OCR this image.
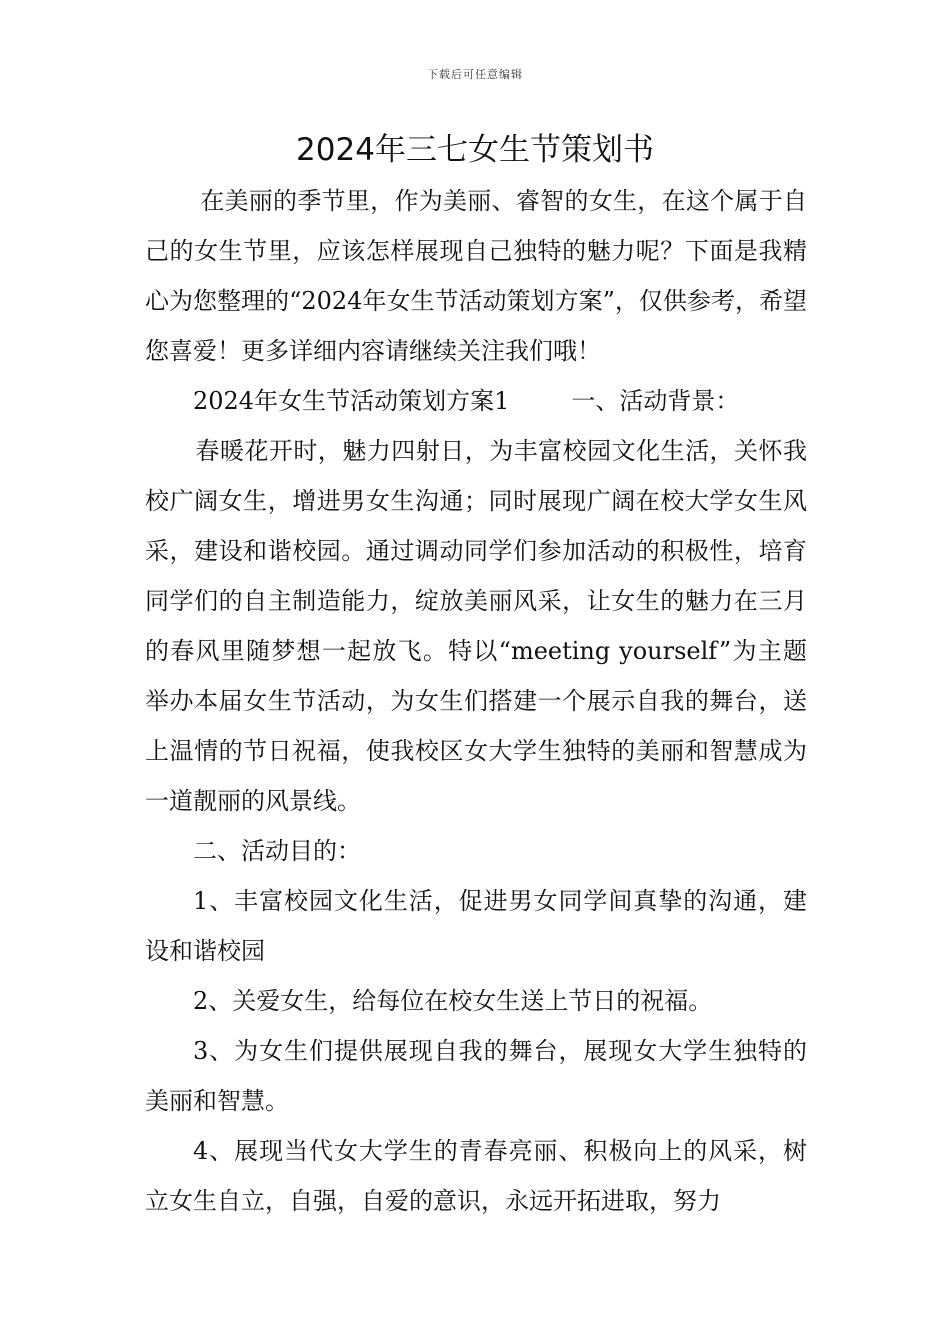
下载后可任意编辑
2024年三七女生节策划书

在美丽的季节里，作为美丽、睿智的女生，在这个属于自己的女生节里，应该怎样展现自己独特的魅力呢？下面是我精心为您整理的“2024年女生节活动策划方案”，仅供参考，希望您喜爱！更多详细内容请继续关注我们哦！

2024年女生节活动策划方案1	一、活动背景：

春暖花开时，魅力四射日，为丰富校园文化生活，关怀我校广阔女生，增进男女生沟通；同时展现广阔在校大学女生风采，建设和谐校园。通过调动同学们参加活动的积极性，培育同学们的自主制造能力，绽放美丽风采，让女生的魅力在三月的春风里随梦想一起放飞。特以“meeting yourself”为主题举办本届女生节活动，为女生们搭建一个展示自我的舞台，送上温情的节日祝福，使我校区女大学生独特的美丽和智慧成为一道靓丽的风景线。

二、活动目的：

1、丰富校园文化生活，促进男女同学间真挚的沟通，建设和谐校园

2、关爱女生，给每位在校女生送上节日的祝福。

3、为女生们提供展现自我的舞台，展现女大学生独特的美丽和智慧。

4、展现当代女大学生的青春亮丽、积极向上的风采，树立女生自立，自强，自爱的意识，永远开拓进取，努力
